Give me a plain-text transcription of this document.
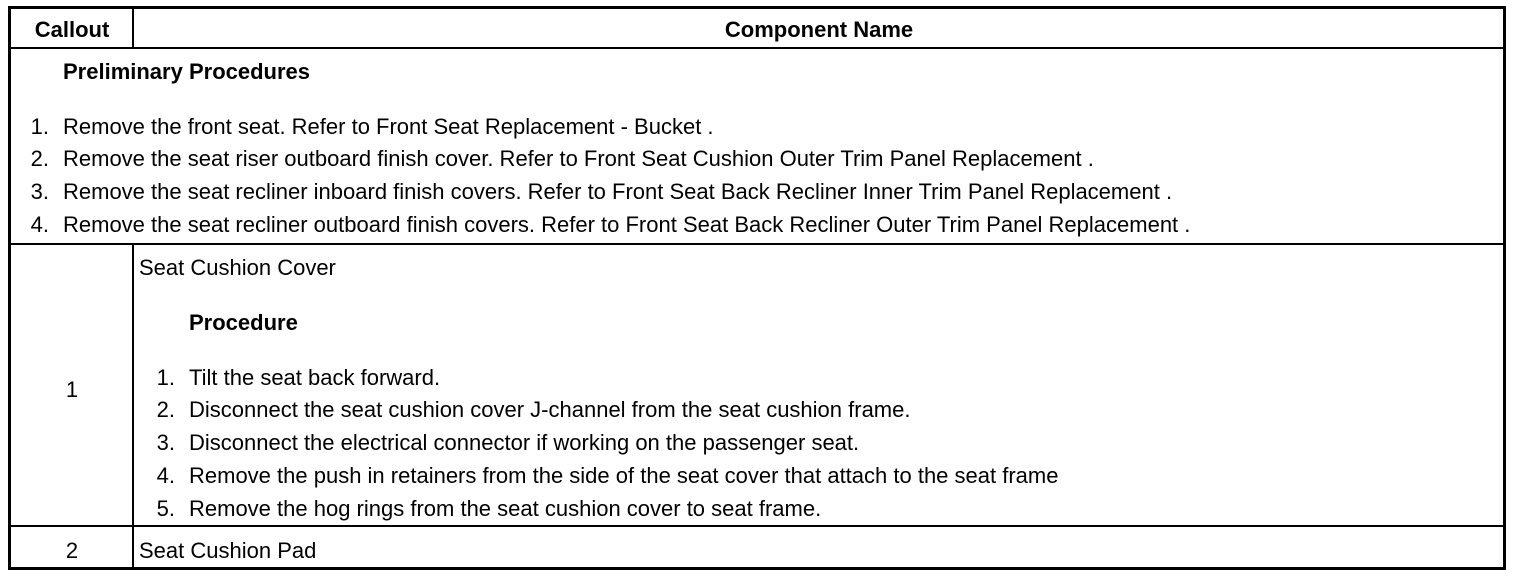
Callout	Component Name
Preliminary Procedures
1. Remove the front seat. Refer to Front Seat Replacement - Bucket .
2. Remove the seat riser outboard finish cover. Refer to Front Seat Cushion Outer Trim Panel Replacement .
3. Remove the seat recliner inboard finish covers. Refer to Front Seat Back Recliner Inner Trim Panel Replacement .
4. Remove the seat recliner outboard finish covers. Refer to Front Seat Back Recliner Outer Trim Panel Replacement .
1
Seat Cushion Cover
Procedure
1. Tilt the seat back forward.
2. Disconnect the seat cushion cover J-channel from the seat cushion frame.
3. Disconnect the electrical connector if working on the passenger seat.
4. Remove the push in retainers from the side of the seat cover that attach to the seat frame
5. Remove the hog rings from the seat cushion cover to seat frame.
2	Seat Cushion Pad
